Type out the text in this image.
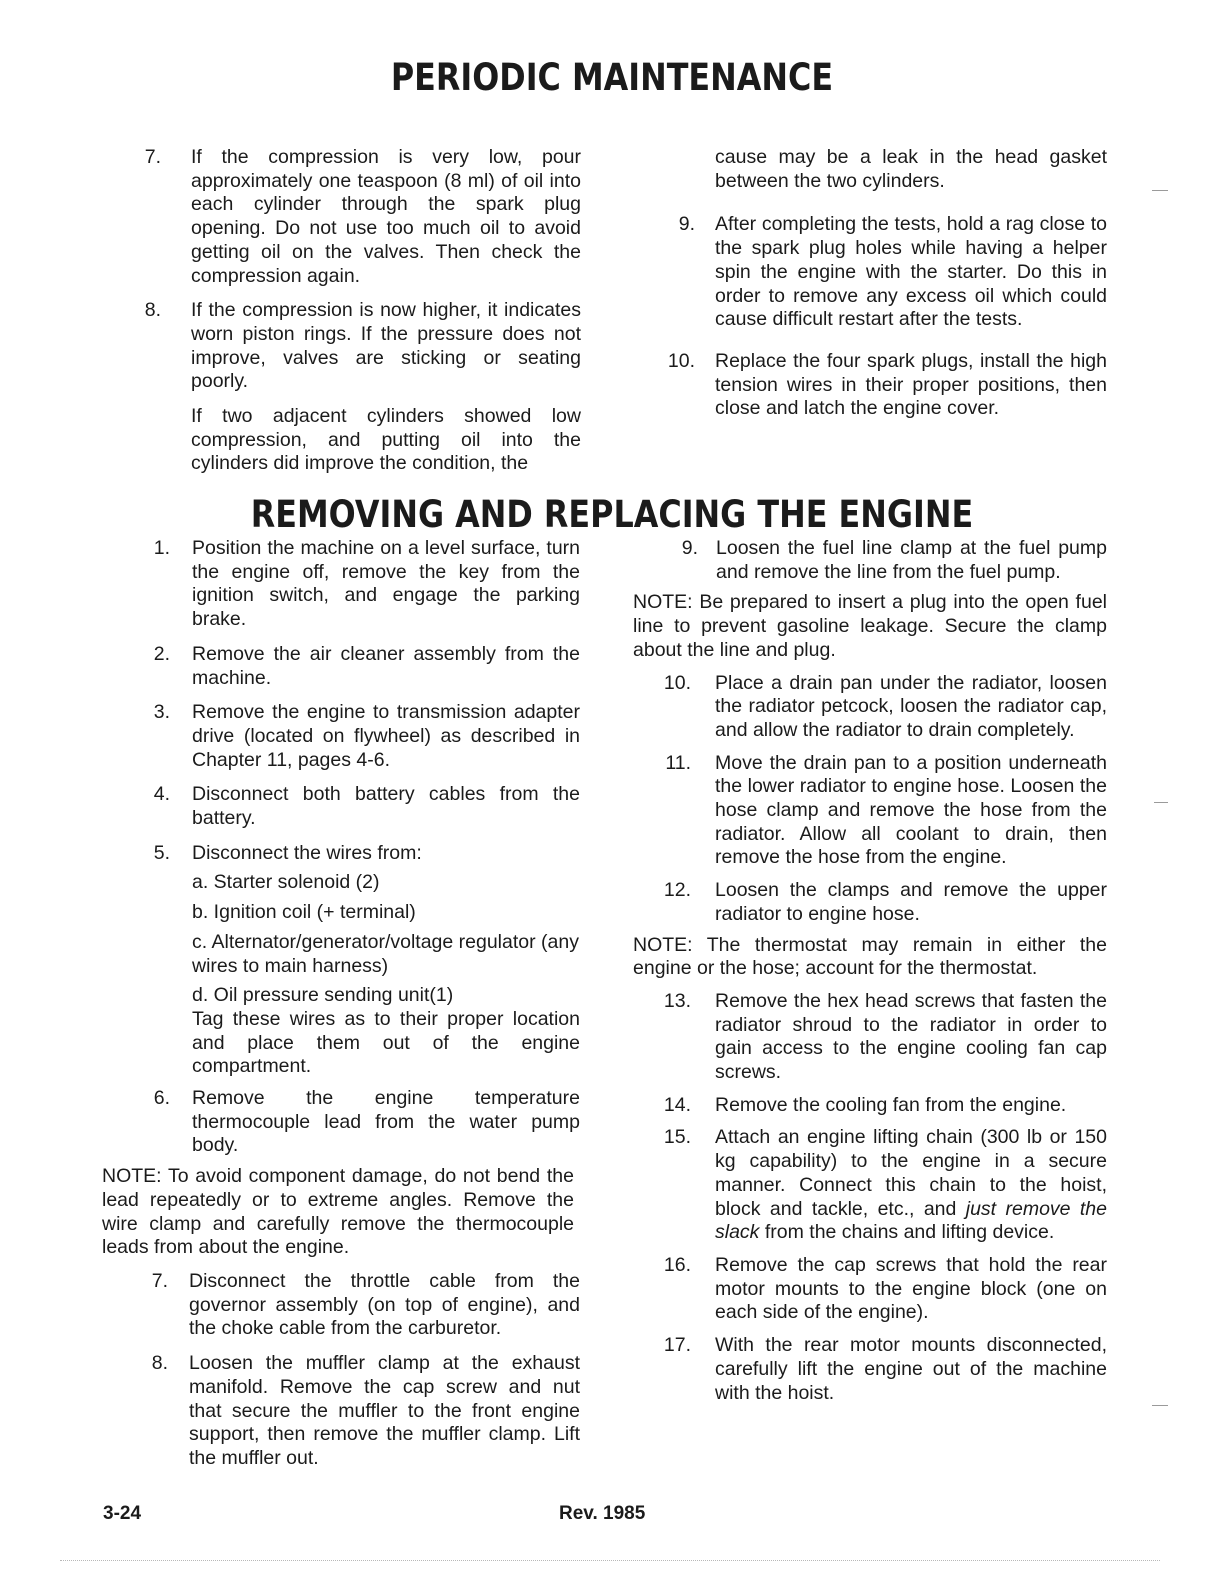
PERIODIC MAINTENANCE
7. If the compression is very low, pour approximately one teaspoon (8 ml) of oil into each cylinder through the spark plug opening. Do not use too much oil to avoid getting oil on the valves. Then check the compression again.
8. If the compression is now higher, it indicates worn piston rings. If the pressure does not improve, valves are sticking or seating poorly.
If two adjacent cylinders showed low compression, and putting oil into the cylinders did improve the condition, the
cause may be a leak in the head gasket between the two cylinders.
9. After completing the tests, hold a rag close to the spark plug holes while having a helper spin the engine with the starter. Do this in order to remove any excess oil which could cause difficult restart after the tests.
10. Replace the four spark plugs, install the high tension wires in their proper positions, then close and latch the engine cover.
REMOVING AND REPLACING THE ENGINE
1. Position the machine on a level surface, turn the engine off, remove the key from the ignition switch, and engage the parking brake.
2. Remove the air cleaner assembly from the machine.
3. Remove the engine to transmission adapter drive (located on flywheel) as described in Chapter 11, pages 4-6.
4. Disconnect both battery cables from the battery.
5. Disconnect the wires from:

a. Starter solenoid (2)

b. Ignition coil (+ terminal)

c. Alternator/generator/voltage regulator (any wires to main harness)

d. Oil pressure sending unit(1)

Tag these wires as to their proper location and place them out of the engine compartment.

6. Remove the engine temperature thermocouple lead from the water pump body.

NOTE: To avoid component damage, do not bend the lead repeatedly or to extreme angles. Remove the wire clamp and carefully remove the thermocouple leads from about the engine.

7. Disconnect the throttle cable from the governor assembly (on top of engine), and the choke cable from the carburetor.
8. Loosen the muffler clamp at the exhaust manifold. Remove the cap screw and nut that secure the muffler to the front engine support, then remove the muffler clamp. Lift the muffler out.
9. Loosen the fuel line clamp at the fuel pump and remove the line from the fuel pump.

NOTE: Be prepared to insert a plug into the open fuel line to prevent gasoline leakage. Secure the clamp about the line and plug.

10. Place a drain pan under the radiator, loosen the radiator petcock, loosen the radiator cap, and allow the radiator to drain completely.
11. Move the drain pan to a position underneath the lower radiator to engine hose. Loosen the hose clamp and remove the hose from the radiator. Allow all coolant to drain, then remove the hose from the engine.
12. Loosen the clamps and remove the upper radiator to engine hose.

NOTE: The thermostat may remain in either the engine or the hose; account for the thermostat.

13. Remove the hex head screws that fasten the radiator shroud to the radiator in order to gain access to the engine cooling fan cap screws.
14. Remove the cooling fan from the engine.
15. Attach an engine lifting chain (300 lb or 150 kg capability) to the engine in a secure manner. Connect this chain to the hoist, block and tackle, etc., and just remove the slack from the chains and lifting device.
16. Remove the cap screws that hold the rear motor mounts to the engine block (one on each side of the engine).
17. With the rear motor mounts disconnected, carefully lift the engine out of the machine with the hoist.
3-24	Rev. 1985
